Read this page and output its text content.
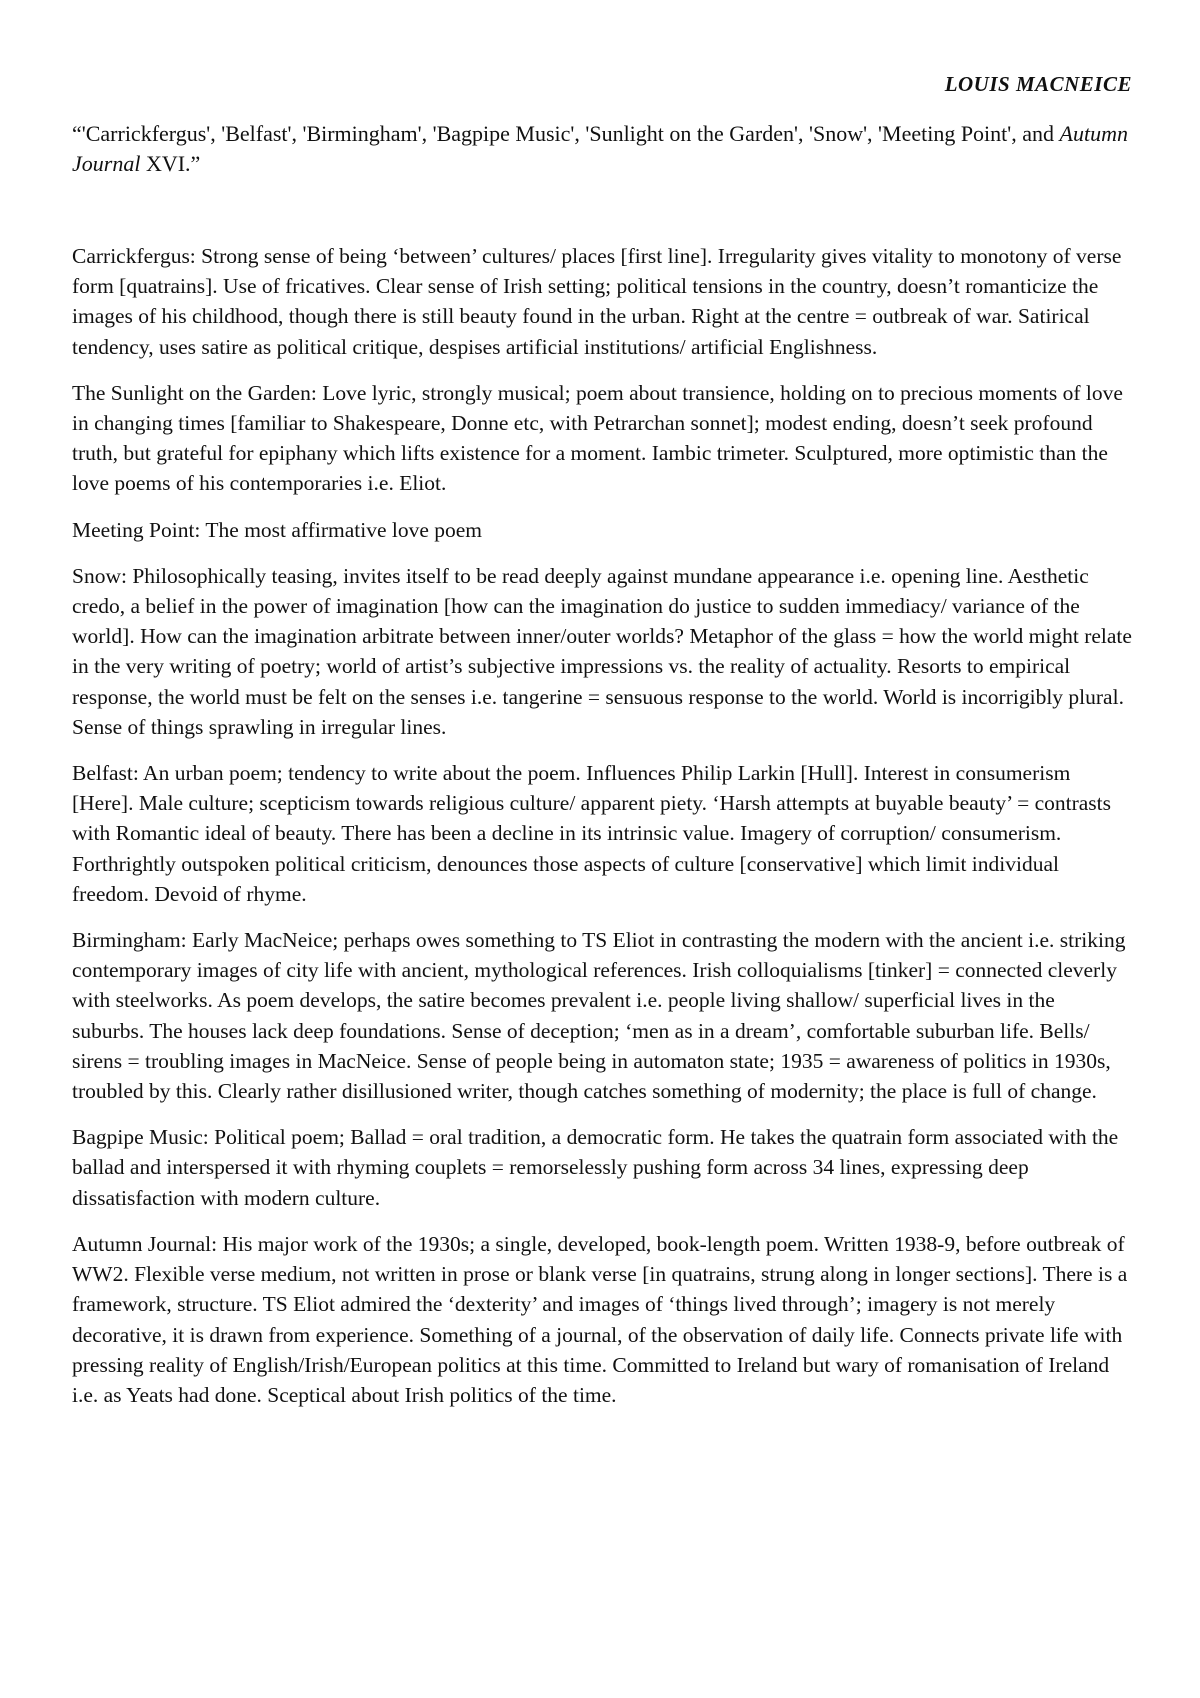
LOUIS MACNEICE

“'Carrickfergus', 'Belfast', 'Birmingham', 'Bagpipe Music', 'Sunlight on the Garden', 'Snow', 'Meeting Point', and Autumn Journal XVI.”

Carrickfergus: Strong sense of being ‘between’ cultures/ places [first line]. Irregularity gives vitality to monotony of verse form [quatrains]. Use of fricatives. Clear sense of Irish setting; political tensions in the country, doesn’t romanticize the images of his childhood, though there is still beauty found in the urban. Right at the centre = outbreak of war. Satirical tendency, uses satire as political critique, despises artificial institutions/ artificial Englishness.

The Sunlight on the Garden: Love lyric, strongly musical; poem about transience, holding on to precious moments of love in changing times [familiar to Shakespeare, Donne etc, with Petrarchan sonnet]; modest ending, doesn’t seek profound truth, but grateful for epiphany which lifts existence for a moment. Iambic trimeter. Sculptured, more optimistic than the love poems of his contemporaries i.e. Eliot.

Meeting Point: The most affirmative love poem

Snow: Philosophically teasing, invites itself to be read deeply against mundane appearance i.e. opening line. Aesthetic credo, a belief in the power of imagination [how can the imagination do justice to sudden immediacy/ variance of the world]. How can the imagination arbitrate between inner/outer worlds? Metaphor of the glass = how the world might relate in the very writing of poetry; world of artist’s subjective impressions vs. the reality of actuality. Resorts to empirical response, the world must be felt on the senses i.e. tangerine = sensuous response to the world. World is incorrigibly plural. Sense of things sprawling in irregular lines.

Belfast: An urban poem; tendency to write about the poem. Influences Philip Larkin [Hull]. Interest in consumerism [Here]. Male culture; scepticism towards religious culture/ apparent piety. ‘Harsh attempts at buyable beauty’ = contrasts with Romantic ideal of beauty. There has been a decline in its intrinsic value. Imagery of corruption/ consumerism. Forthrightly outspoken political criticism, denounces those aspects of culture [conservative] which limit individual freedom. Devoid of rhyme.

Birmingham: Early MacNeice; perhaps owes something to TS Eliot in contrasting the modern with the ancient i.e. striking contemporary images of city life with ancient, mythological references. Irish colloquialisms [tinker] = connected cleverly with steelworks. As poem develops, the satire becomes prevalent i.e. people living shallow/ superficial lives in the suburbs. The houses lack deep foundations. Sense of deception; ‘men as in a dream’, comfortable suburban life. Bells/ sirens = troubling images in MacNeice. Sense of people being in automaton state; 1935 = awareness of politics in 1930s, troubled by this. Clearly rather disillusioned writer, though catches something of modernity; the place is full of change.

Bagpipe Music: Political poem; Ballad = oral tradition, a democratic form. He takes the quatrain form associated with the ballad and interspersed it with rhyming couplets = remorselessly pushing form across 34 lines, expressing deep dissatisfaction with modern culture.

Autumn Journal: His major work of the 1930s; a single, developed, book-length poem. Written 1938-9, before outbreak of WW2. Flexible verse medium, not written in prose or blank verse [in quatrains, strung along in longer sections]. There is a framework, structure. TS Eliot admired the ‘dexterity’ and images of ‘things lived through’; imagery is not merely decorative, it is drawn from experience. Something of a journal, of the observation of daily life. Connects private life with pressing reality of English/Irish/European politics at this time. Committed to Ireland but wary of romanisation of Ireland i.e. as Yeats had done. Sceptical about Irish politics of the time.
